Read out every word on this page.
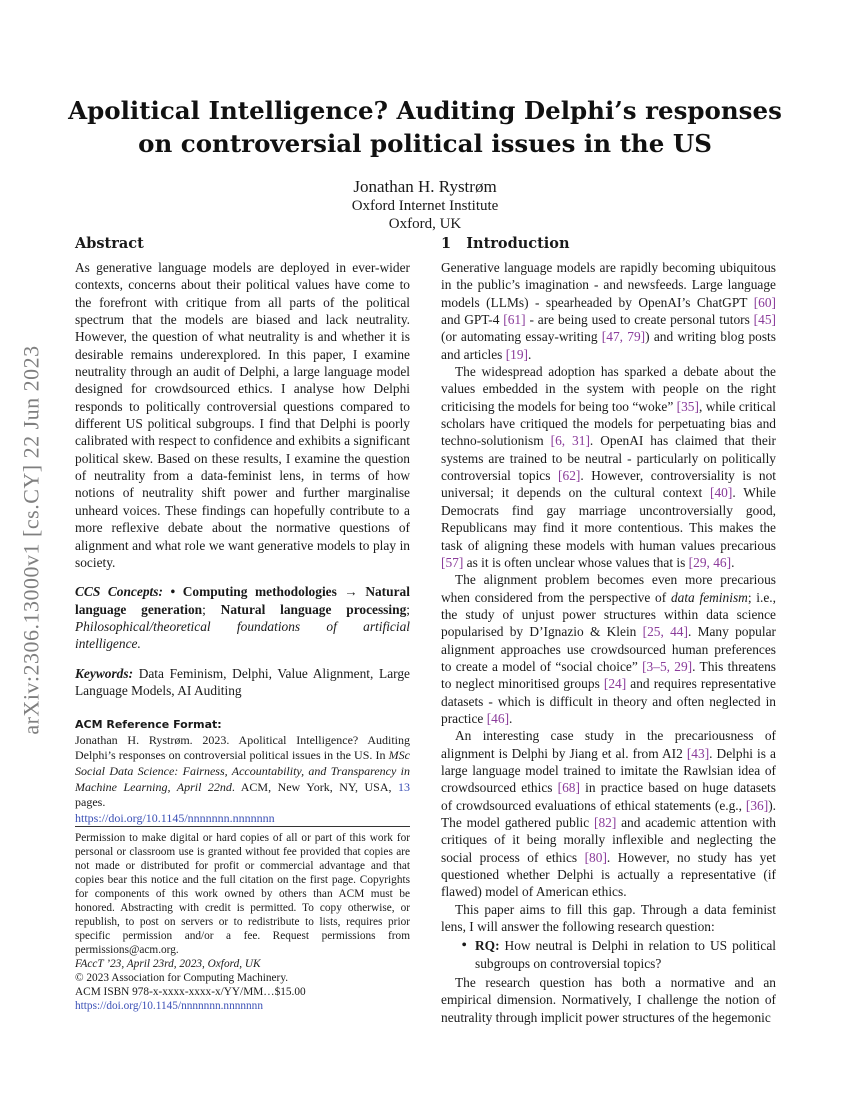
arXiv:2306.13000v1 [cs.CY] 22 Jun 2023
Apolitical Intelligence? Auditing Delphi’s responses on controversial political issues in the US
Jonathan H. Rystrøm
Oxford Internet Institute
Oxford, UK
Abstract

As generative language models are deployed in ever-wider contexts, concerns about their political values have come to the forefront with critique from all parts of the political spectrum that the models are biased and lack neutrality. However, the question of what neutrality is and whether it is desirable remains underexplored. In this paper, I examine neutrality through an audit of Delphi, a large language model designed for crowdsourced ethics. I analyse how Delphi responds to politically controversial questions compared to different US political subgroups. I find that Delphi is poorly calibrated with respect to confidence and exhibits a significant political skew. Based on these results, I examine the question of neutrality from a data-feminist lens, in terms of how notions of neutrality shift power and further marginalise unheard voices. These findings can hopefully contribute to a more reflexive debate about the normative questions of alignment and what role we want generative models to play in society.

CCS Concepts: • Computing methodologies → Natural language generation; Natural language processing; Philosophical/theoretical foundations of artificial intelligence.

Keywords: Data Feminism, Delphi, Value Alignment, Large Language Models, AI Auditing

ACM Reference Format:
Jonathan H. Rystrøm. 2023. Apolitical Intelligence? Auditing Delphi’s responses on controversial political issues in the US. In MSc Social Data Science: Fairness, Accountability, and Transparency in Machine Learning, April 22nd. ACM, New York, NY, USA, 13 pages.
https://doi.org/10.1145/nnnnnnn.nnnnnnn

Permission to make digital or hard copies of all or part of this work for personal or classroom use is granted without fee provided that copies are not made or distributed for profit or commercial advantage and that copies bear this notice and the full citation on the first page. Copyrights for components of this work owned by others than ACM must be honored. Abstracting with credit is permitted. To copy otherwise, or republish, to post on servers or to redistribute to lists, requires prior specific permission and/or a fee. Request permissions from permissions@acm.org.

FAccT ’23, April 23rd, 2023, Oxford, UK

© 2023 Association for Computing Machinery.

ACM ISBN 978-x-xxxx-xxxx-x/YY/MM…$15.00

https://doi.org/10.1145/nnnnnnn.nnnnnnn

1 Introduction

Generative language models are rapidly becoming ubiquitous in the public’s imagination - and newsfeeds. Large language models (LLMs) - spearheaded by OpenAI’s ChatGPT [60] and GPT-4 [61] - are being used to create personal tutors [45] (or automating essay-writing [47, 79]) and writing blog posts and articles [19].

The widespread adoption has sparked a debate about the values embedded in the system with people on the right criticising the models for being too “woke” [35], while critical scholars have critiqued the models for perpetuating bias and techno-solutionism [6, 31]. OpenAI has claimed that their systems are trained to be neutral - particularly on politically controversial topics [62]. However, controversiality is not universal; it depends on the cultural context [40]. While Democrats find gay marriage uncontroversially good, Republicans may find it more contentious. This makes the task of aligning these models with human values precarious [57] as it is often unclear whose values that is [29, 46].

The alignment problem becomes even more precarious when considered from the perspective of data feminism; i.e., the study of unjust power structures within data science popularised by D’Ignazio & Klein [25, 44]. Many popular alignment approaches use crowdsourced human preferences to create a model of “social choice” [3–5, 29]. This threatens to neglect minoritised groups [24] and requires representative datasets - which is difficult in theory and often neglected in practice [46].

An interesting case study in the precariousness of alignment is Delphi by Jiang et al. from AI2 [43]. Delphi is a large language model trained to imitate the Rawlsian idea of crowdsourced ethics [68] in practice based on huge datasets of crowdsourced evaluations of ethical statements (e.g., [36]). The model gathered public [82] and academic attention with critiques of it being morally inflexible and neglecting the social process of ethics [80]. However, no study has yet questioned whether Delphi is actually a representative (if flawed) model of American ethics.

This paper aims to fill this gap. Through a data feminist lens, I will answer the following research question:

• RQ: How neutral is Delphi in relation to US political subgroups on controversial topics?

The research question has both a normative and an empirical dimension. Normatively, I challenge the notion of neutrality through implicit power structures of the hegemonic
